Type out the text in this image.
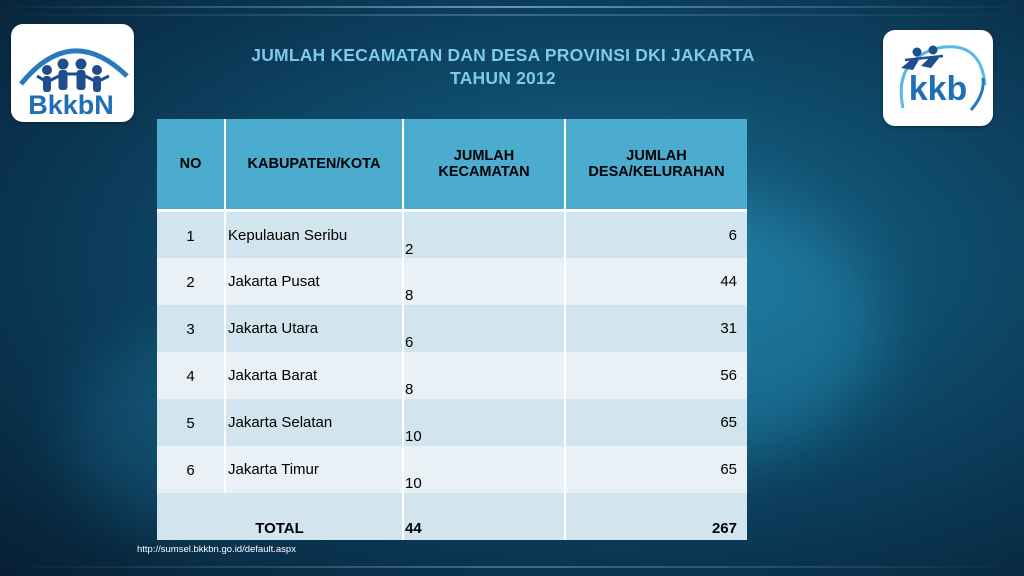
BkkbN	kkb
JUMLAH KECAMATAN DAN DESA PROVINSI DKI JAKARTA
TAHUN 2012
NO	KABUPATEN/KOTA	JUMLAH KECAMATAN	JUMLAH DESA/KELURAHAN
1	Kepulauan Seribu	2	6
2	Jakarta Pusat	8	44
3	Jakarta Utara	6	31
4	Jakarta Barat	8	56
5	Jakarta Selatan	10	65
6	Jakarta Timur	10	65
TOTAL		44	267
http://sumsel.bkkbn.go.id/default.aspx
